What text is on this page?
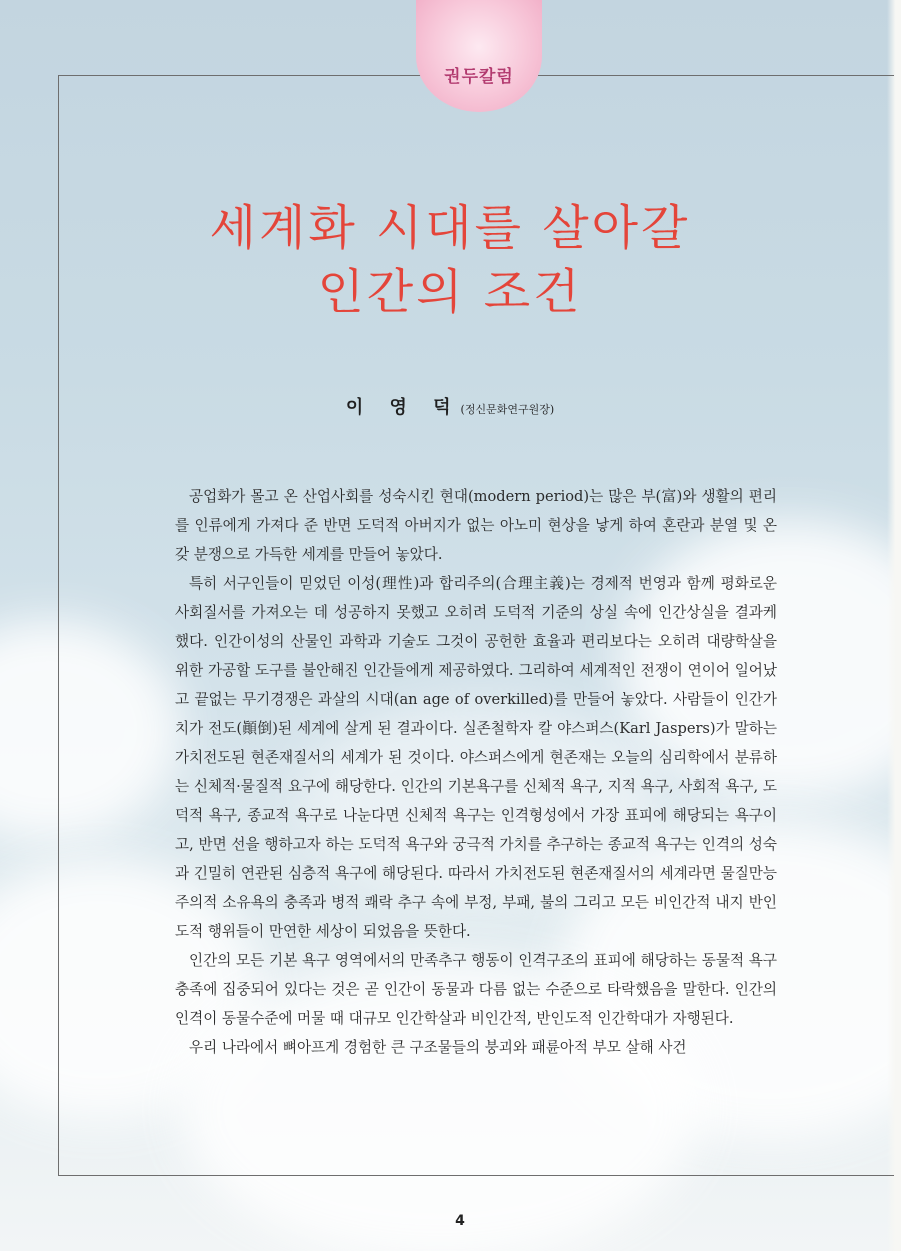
권두칼럼
세계화 시대를 살아갈
인간의 조건
이 영 덕(정신문화연구원장)

공업화가 몰고 온 산업사회를 성숙시킨 현대(modern period)는 많은 부(富)와 생활의 편리를 인류에게 가져다 준 반면 도덕적 아버지가 없는 아노미 현상을 낳게 하여 혼란과 분열 및 온갖 분쟁으로 가득한 세계를 만들어 놓았다.

특히 서구인들이 믿었던 이성(理性)과 합리주의(合理主義)는 경제적 번영과 함께 평화로운 사회질서를 가져오는 데 성공하지 못했고 오히려 도덕적 기준의 상실 속에 인간상실을 결과케 했다. 인간이성의 산물인 과학과 기술도 그것이 공헌한 효율과 편리보다는 오히려 대량학살을 위한 가공할 도구를 불안해진 인간들에게 제공하였다. 그리하여 세계적인 전쟁이 연이어 일어났고 끝없는 무기경쟁은 과살의 시대(an age of overkilled)를 만들어 놓았다. 사람들이 인간가치가 전도(顚倒)된 세계에 살게 된 결과이다. 실존철학자 칼 야스퍼스(Karl Jaspers)가 말하는 가치전도된 현존재질서의 세계가 된 것이다. 야스퍼스에게 현존재는 오늘의 심리학에서 분류하는 신체적·물질적 요구에 해당한다. 인간의 기본욕구를 신체적 욕구, 지적 욕구, 사회적 욕구, 도덕적 욕구, 종교적 욕구로 나눈다면 신체적 욕구는 인격형성에서 가장 표피에 해당되는 욕구이고, 반면 선을 행하고자 하는 도덕적 욕구와 궁극적 가치를 추구하는 종교적 욕구는 인격의 성숙과 긴밀히 연관된 심층적 욕구에 해당된다. 따라서 가치전도된 현존재질서의 세계라면 물질만능주의적 소유욕의 충족과 병적 쾌락 추구 속에 부정, 부패, 불의 그리고 모든 비인간적 내지 반인도적 행위들이 만연한 세상이 되었음을 뜻한다.

인간의 모든 기본 욕구 영역에서의 만족추구 행동이 인격구조의 표피에 해당하는 동물적 욕구 충족에 집중되어 있다는 것은 곧 인간이 동물과 다름 없는 수준으로 타락했음을 말한다. 인간의 인격이 동물수준에 머물 때 대규모 인간학살과 비인간적, 반인도적 인간학대가 자행된다.

우리 나라에서 뼈아프게 경험한 큰 구조물들의 붕괴와 패륜아적 부모 살해 사건

4
